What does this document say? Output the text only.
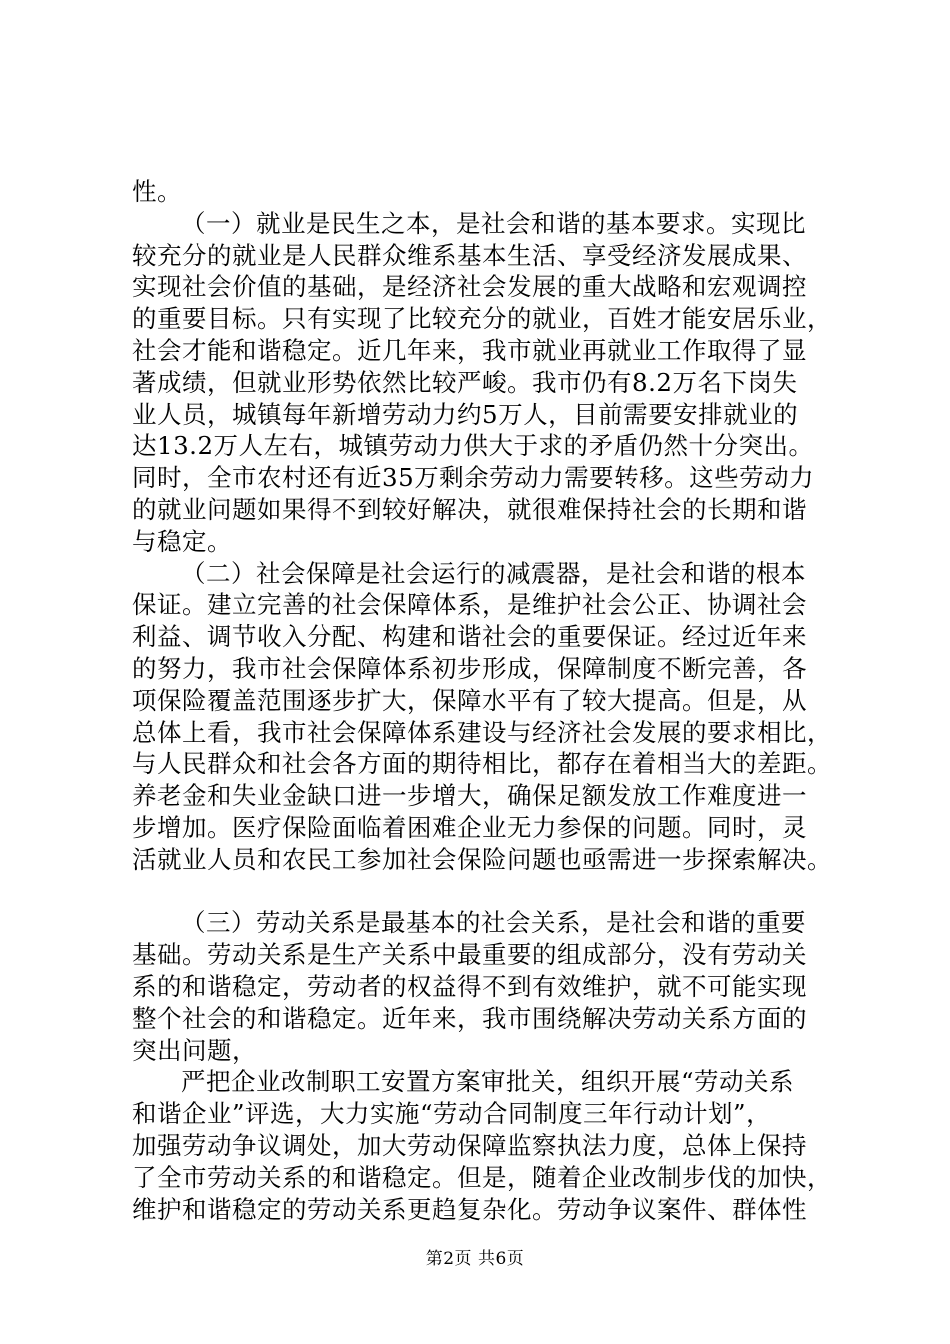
性。
（一）就业是民生之本，是社会和谐的基本要求。实现比
较充分的就业是人民群众维系基本生活、享受经济发展成果、
实现社会价值的基础，是经济社会发展的重大战略和宏观调控
的重要目标。只有实现了比较充分的就业，百姓才能安居乐业，
社会才能和谐稳定。近几年来，我市就业再就业工作取得了显
著成绩，但就业形势依然比较严峻。我市仍有8.2万名下岗失
业人员，城镇每年新增劳动力约5万人，目前需要安排就业的
达13.2万人左右，城镇劳动力供大于求的矛盾仍然十分突出。
同时，全市农村还有近35万剩余劳动力需要转移。这些劳动力
的就业问题如果得不到较好解决，就很难保持社会的长期和谐
与稳定。
（二）社会保障是社会运行的减震器，是社会和谐的根本
保证。建立完善的社会保障体系，是维护社会公正、协调社会
利益、调节收入分配、构建和谐社会的重要保证。经过近年来
的努力，我市社会保障体系初步形成，保障制度不断完善，各
项保险覆盖范围逐步扩大，保障水平有了较大提高。但是，从
总体上看，我市社会保障体系建设与经济社会发展的要求相比，
与人民群众和社会各方面的期待相比，都存在着相当大的差距。
养老金和失业金缺口进一步增大，确保足额发放工作难度进一
步增加。医疗保险面临着困难企业无力参保的问题。同时，灵
活就业人员和农民工参加社会保险问题也亟需进一步探索解决。
（三）劳动关系是最基本的社会关系，是社会和谐的重要
基础。劳动关系是生产关系中最重要的组成部分，没有劳动关
系的和谐稳定，劳动者的权益得不到有效维护，就不可能实现
整个社会的和谐稳定。近年来，我市围绕解决劳动关系方面的
突出问题，
严把企业改制职工安置方案审批关，组织开展“劳动关系
和谐企业”评选，大力实施“劳动合同制度三年行动计划”，
加强劳动争议调处，加大劳动保障监察执法力度，总体上保持
了全市劳动关系的和谐稳定。但是，随着企业改制步伐的加快，
维护和谐稳定的劳动关系更趋复杂化。劳动争议案件、群体性
第2页 共6页
